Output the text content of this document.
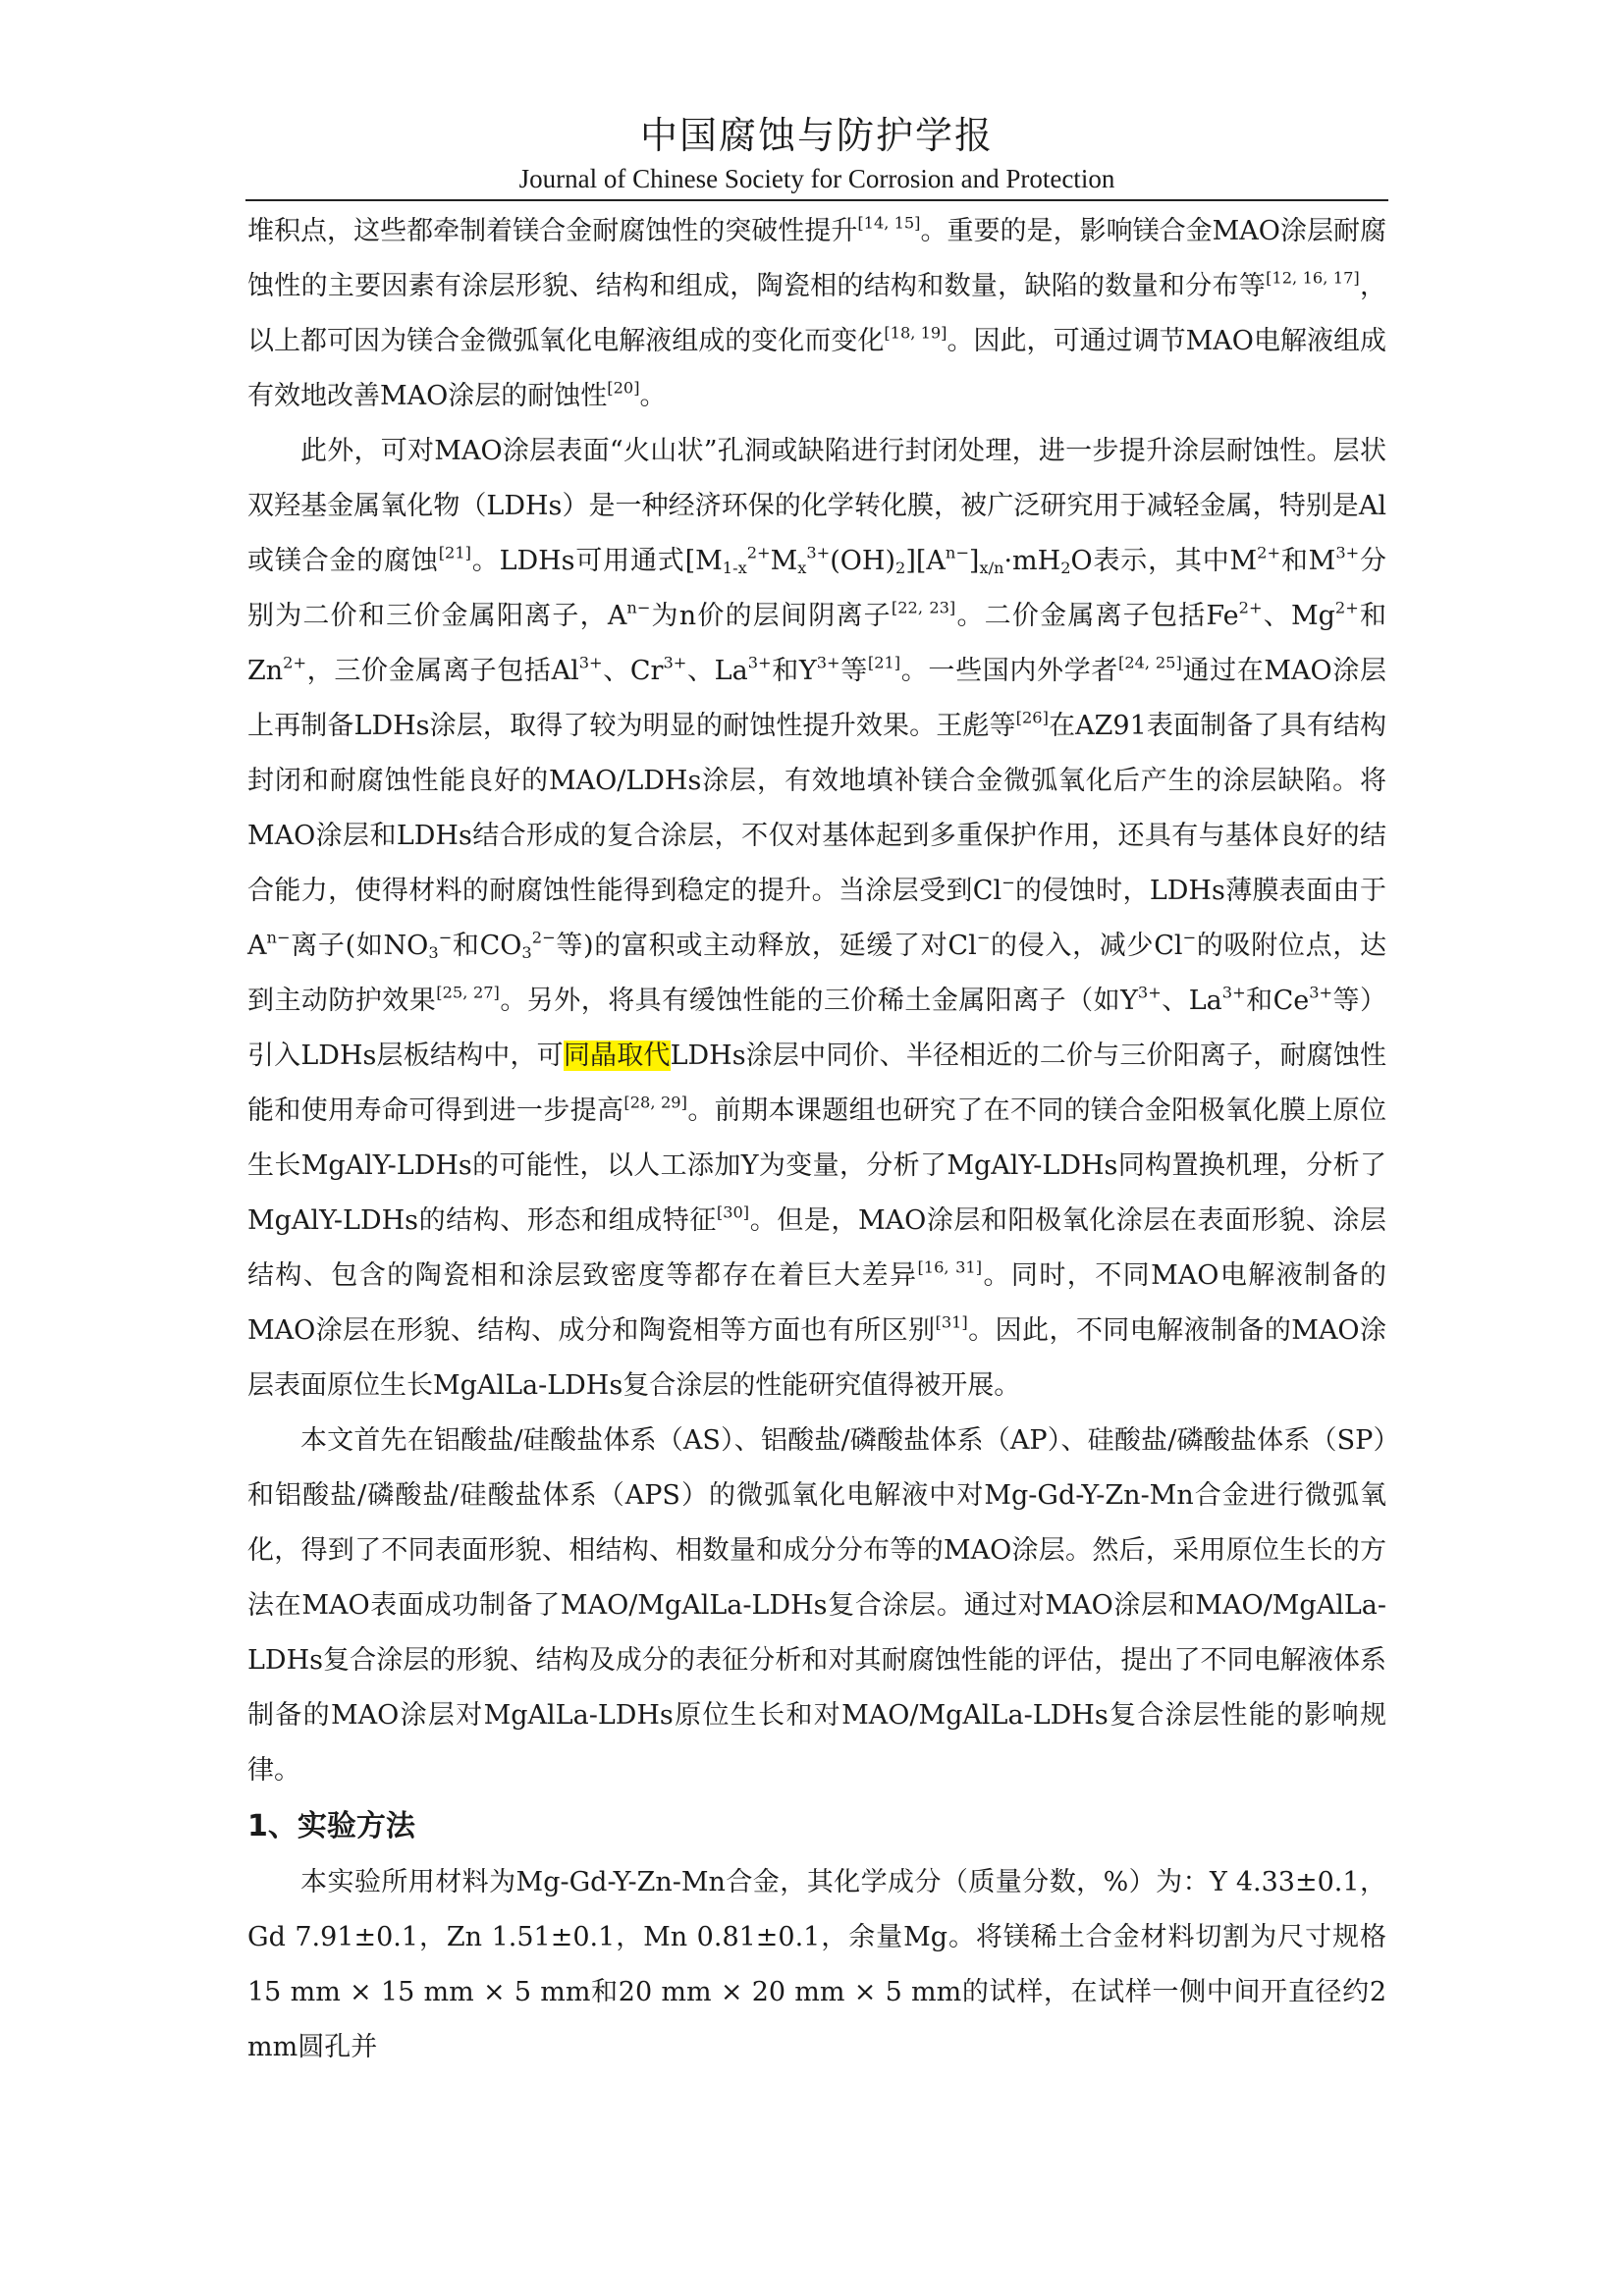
中国腐蚀与防护学报
Journal of Chinese Society for Corrosion and Protection

堆积点，这些都牵制着镁合金耐腐蚀性的突破性提升[14, 15]。重要的是，影响镁合金MAO涂层耐腐蚀性的主要因素有涂层形貌、结构和组成，陶瓷相的结构和数量，缺陷的数量和分布等[12, 16, 17]，以上都可因为镁合金微弧氧化电解液组成的变化而变化[18, 19]。因此，可通过调节MAO电解液组成有效地改善MAO涂层的耐蚀性[20]。

此外，可对MAO涂层表面“火山状”孔洞或缺陷进行封闭处理，进一步提升涂层耐蚀性。层状双羟基金属氧化物（LDHs）是一种经济环保的化学转化膜，被广泛研究用于减轻金属，特别是Al或镁合金的腐蚀[21]。LDHs可用通式$[M_{1-x}^{2+}M_x^{3+}(OH)_2][A^{n-}]_{x/n}\cdot mH_2O$表示，其中$M^{2+}$和$M^{3+}$分别为二价和三价金属阳离子，$A^{n-}$为n价的层间阴离子[22, 23]。二价金属离子包括$Fe^{2+}$、$Mg^{2+}$和$Zn^{2+}$，三价金属离子包括$Al^{3+}$、$Cr^{3+}$、$La^{3+}$和$Y^{3+}$等[21]。一些国内外学者[24, 25]通过在MAO涂层上再制备LDHs涂层，取得了较为明显的耐蚀性提升效果。王彪等[26]在AZ91表面制备了具有结构封闭和耐腐蚀性能良好的MAO/LDHs涂层，有效地填补镁合金微弧氧化后产生的涂层缺陷。将MAO涂层和LDHs结合形成的复合涂层，不仅对基体起到多重保护作用，还具有与基体良好的结合能力，使得材料的耐腐蚀性能得到稳定的提升。当涂层受到Cl−的侵蚀时，LDHs薄膜表面由于$A^{n-}$离子(如$NO_3^-$和$CO_3^{2-}$等)的富积或主动释放，延缓了对Cl−的侵入，减少Cl−的吸附位点，达到主动防护效果[25, 27]。另外，将具有缓蚀性能的三价稀土金属阳离子（如$Y^{3+}$、$La^{3+}$和$Ce^{3+}$等）引入LDHs层板结构中，可同晶取代LDHs涂层中同价、半径相近的二价与三价阳离子，耐腐蚀性能和使用寿命可得到进一步提高[28, 29]。前期本课题组也研究了在不同的镁合金阳极氧化膜上原位生长MgAlY-LDHs的可能性，以人工添加Y为变量，分析了MgAlY-LDHs同构置换机理，分析了MgAlY-LDHs的结构、形态和组成特征[30]。但是，MAO涂层和阳极氧化涂层在表面形貌、涂层结构、包含的陶瓷相和涂层致密度等都存在着巨大差异[16, 31]。同时，不同MAO电解液制备的MAO涂层在形貌、结构、成分和陶瓷相等方面也有所区别[31]。因此，不同电解液制备的MAO涂层表面原位生长MgAlLa-LDHs复合涂层的性能研究值得被开展。

本文首先在铝酸盐/硅酸盐体系（AS）、铝酸盐/磷酸盐体系（AP）、硅酸盐/磷酸盐体系（SP）和铝酸盐/磷酸盐/硅酸盐体系（APS）的微弧氧化电解液中对Mg-Gd-Y-Zn-Mn合金进行微弧氧化，得到了不同表面形貌、相结构、相数量和成分分布等的MAO涂层。然后，采用原位生长的方法在MAO表面成功制备了MAO/MgAlLa-LDHs复合涂层。通过对MAO涂层和MAO/MgAlLa-LDHs复合涂层的形貌、结构及成分的表征分析和对其耐腐蚀性能的评估，提出了不同电解液体系制备的MAO涂层对MgAlLa-LDHs原位生长和对MAO/MgAlLa-LDHs复合涂层性能的影响规律。

1、实验方法

本实验所用材料为Mg-Gd-Y-Zn-Mn合金，其化学成分（质量分数，%）为：Y 4.33±0.1，Gd 7.91±0.1，Zn 1.51±0.1，Mn 0.81±0.1，余量Mg。将镁稀土合金材料切割为尺寸规格15 mm × 15 mm × 5 mm和20 mm × 20 mm × 5 mm的试样，在试样一侧中间开直径约2 mm圆孔并
